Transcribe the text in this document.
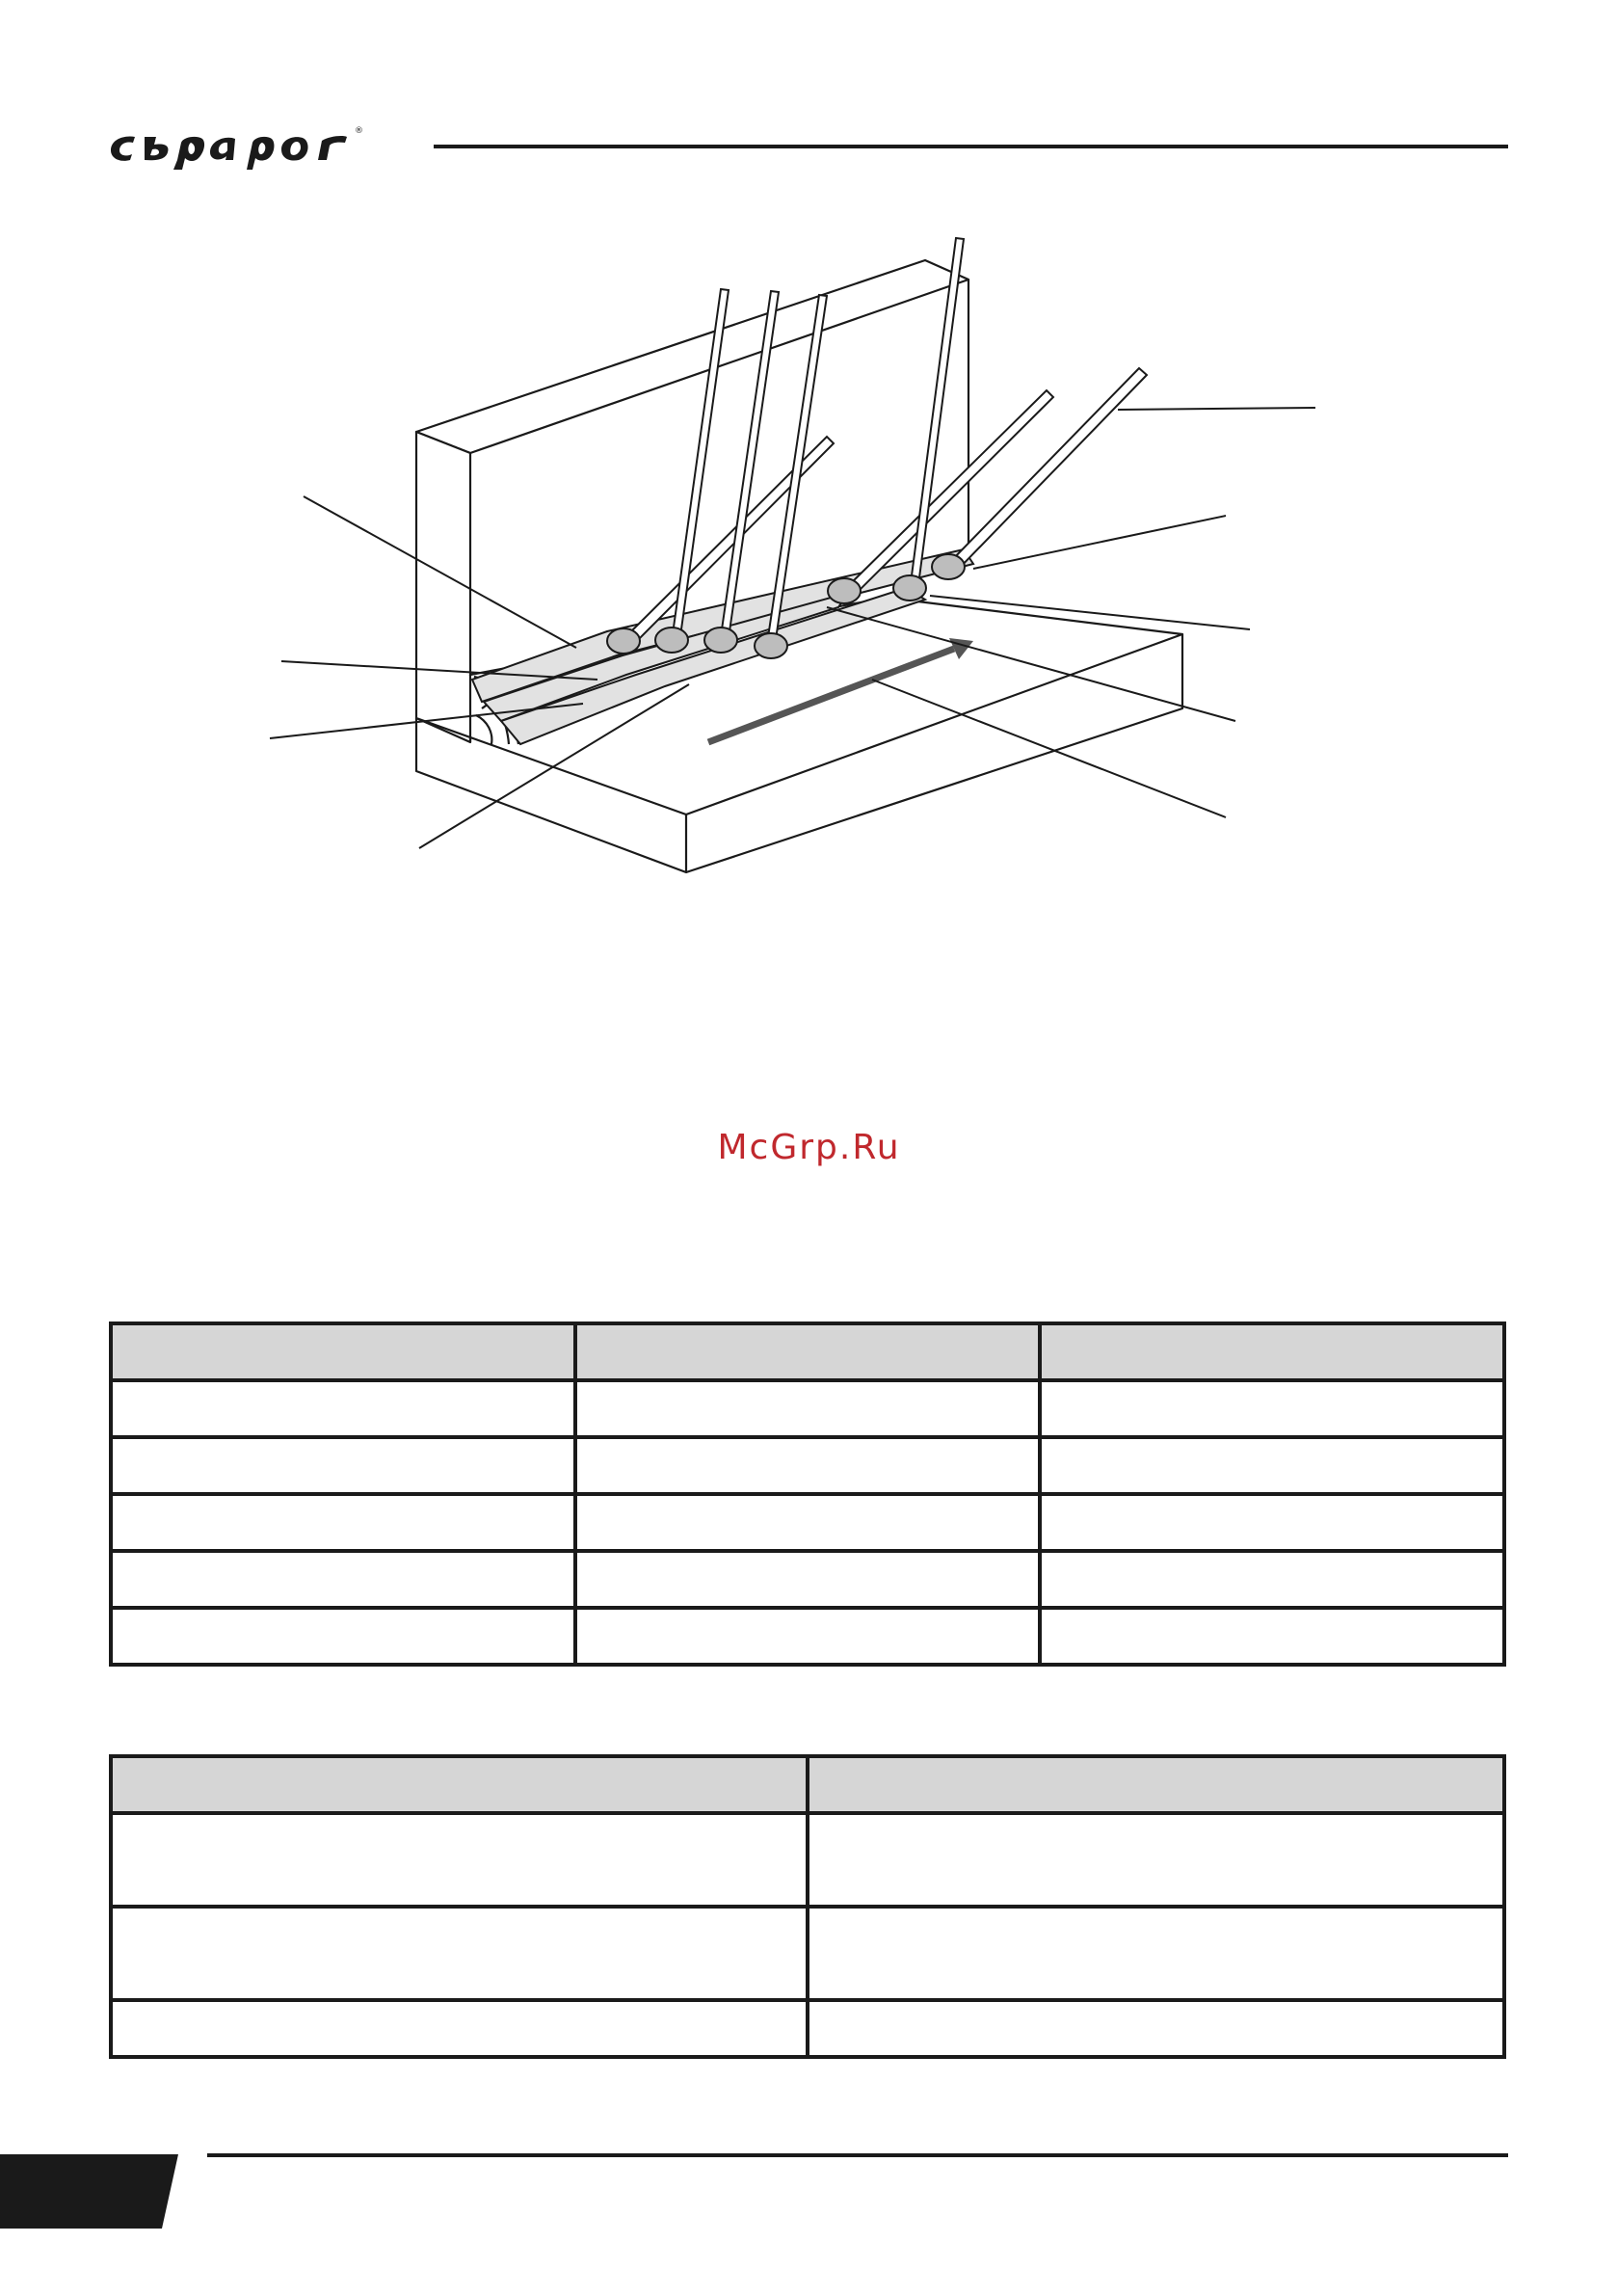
®
McGrp.Ru
